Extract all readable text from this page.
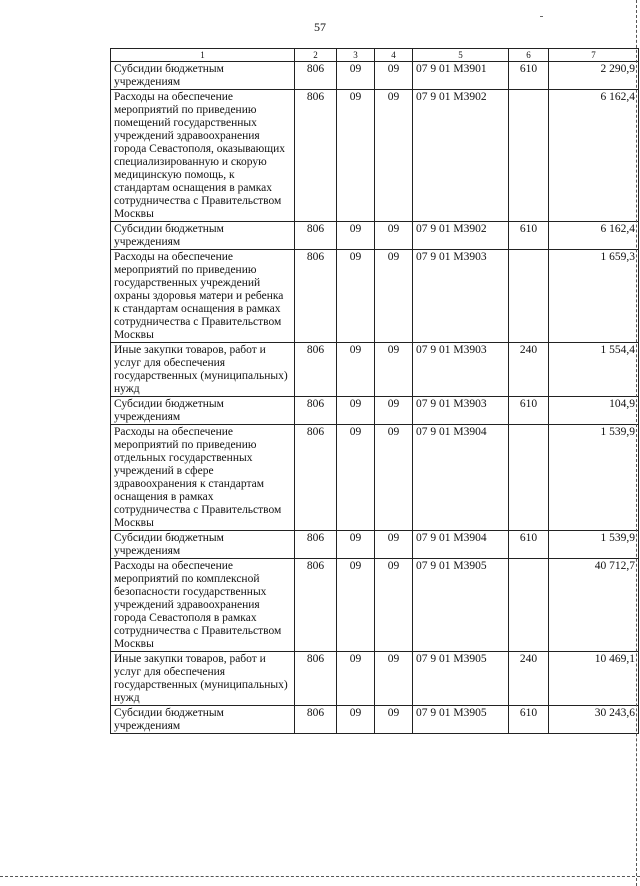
57
1	2	3	4	5	6	7
Субсидии бюджетным учреждениям	806	09	09	07 9 01 М3901	610	2 290,9
Расходы на обеспечение мероприятий по приведению помещений государственных учреждений здравоохранения города Севастополя, оказывающих специализированную и скорую медицинскую помощь, к стандартам оснащения в рамках сотрудничества с Правительством Москвы	806	09	09	07 9 01 М3902		6 162,4
Субсидии бюджетным учреждениям	806	09	09	07 9 01 М3902	610	6 162,4
Расходы на обеспечение мероприятий по приведению государственных учреждений охраны здоровья матери и ребенка к стандартам оснащения в рамках сотрудничества с Правительством Москвы	806	09	09	07 9 01 М3903		1 659,3
Иные закупки товаров, работ и услуг для обеспечения государственных (муниципальных) нужд	806	09	09	07 9 01 М3903	240	1 554,4
Субсидии бюджетным учреждениям	806	09	09	07 9 01 М3903	610	104,9
Расходы на обеспечение мероприятий по приведению отдельных государственных учреждений в сфере здравоохранения к стандартам оснащения в рамках сотрудничества с Правительством Москвы	806	09	09	07 9 01 М3904		1 539,9
Субсидии бюджетным учреждениям	806	09	09	07 9 01 М3904	610	1 539,9
Расходы на обеспечение мероприятий по комплексной безопасности государственных учреждений здравоохранения города Севастополя в рамках сотрудничества с Правительством Москвы	806	09	09	07 9 01 М3905		40 712,7
Иные закупки товаров, работ и услуг для обеспечения государственных (муниципальных) нужд	806	09	09	07 9 01 М3905	240	10 469,1
Субсидии бюджетным учреждениям	806	09	09	07 9 01 М3905	610	30 243,6
